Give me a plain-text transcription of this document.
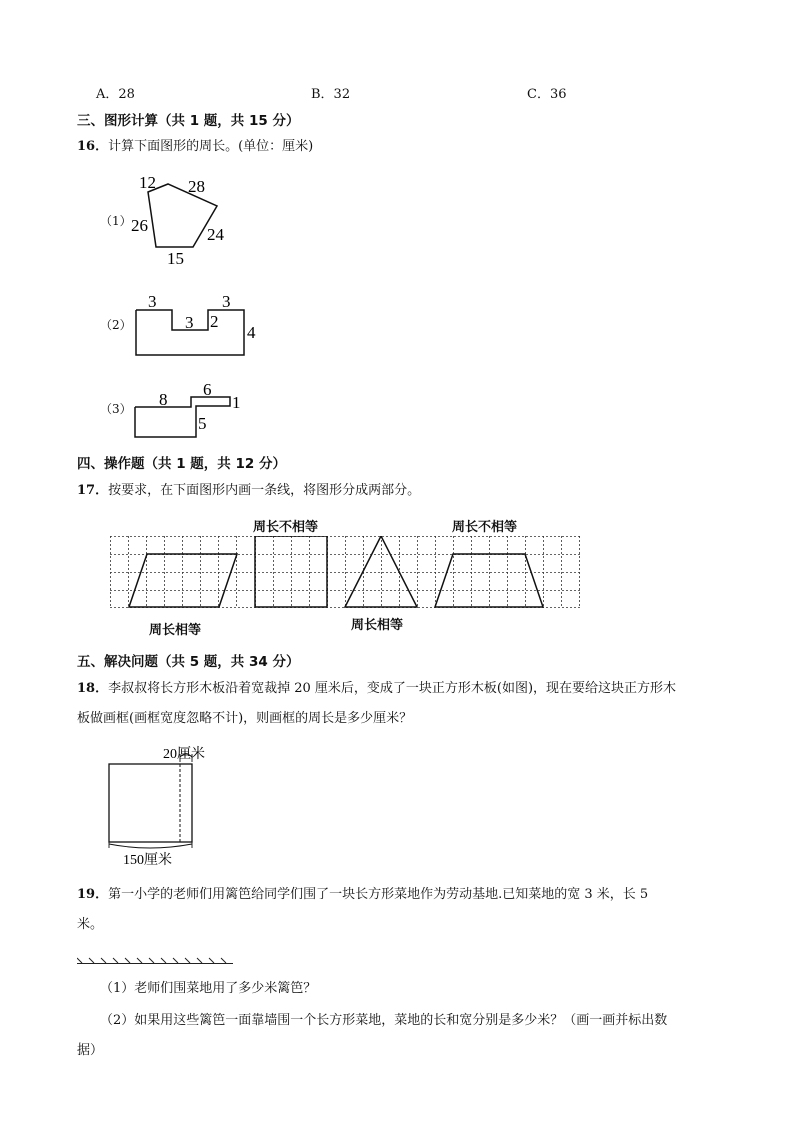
A．28	B．32	C．36
三、图形计算（共 1 题，共 15 分）
16．计算下面图形的周长。(单位：厘米)
（1）
12 28
26	24
15
（2）
3	3
3 2
4
（3） 8
6
1
5
四、操作题（共 1 题，共 12 分）
17．按要求，在下面图形内画一条线，将图形分成两部分。
周长不相等	周长不相等
周长相等	周长相等
五、解决问题（共 5 题，共 34 分）
18．李叔叔将长方形木板沿着宽裁掉 20 厘米后，变成了一块正方形木板(如图)，现在要给这块正方形木
板做画框(画框宽度忽略不计)，则画框的周长是多少厘米？
20厘米
150厘米
19．第一小学的老师们用篱笆给同学们围了一块长方形菜地作为劳动基地.已知菜地的宽 3 米，长 5
米。
（1）老师们围菜地用了多少米篱笆？
（2）如果用这些篱笆一面靠墙围一个长方形菜地，菜地的长和宽分别是多少米？（画一画并标出数
据）
